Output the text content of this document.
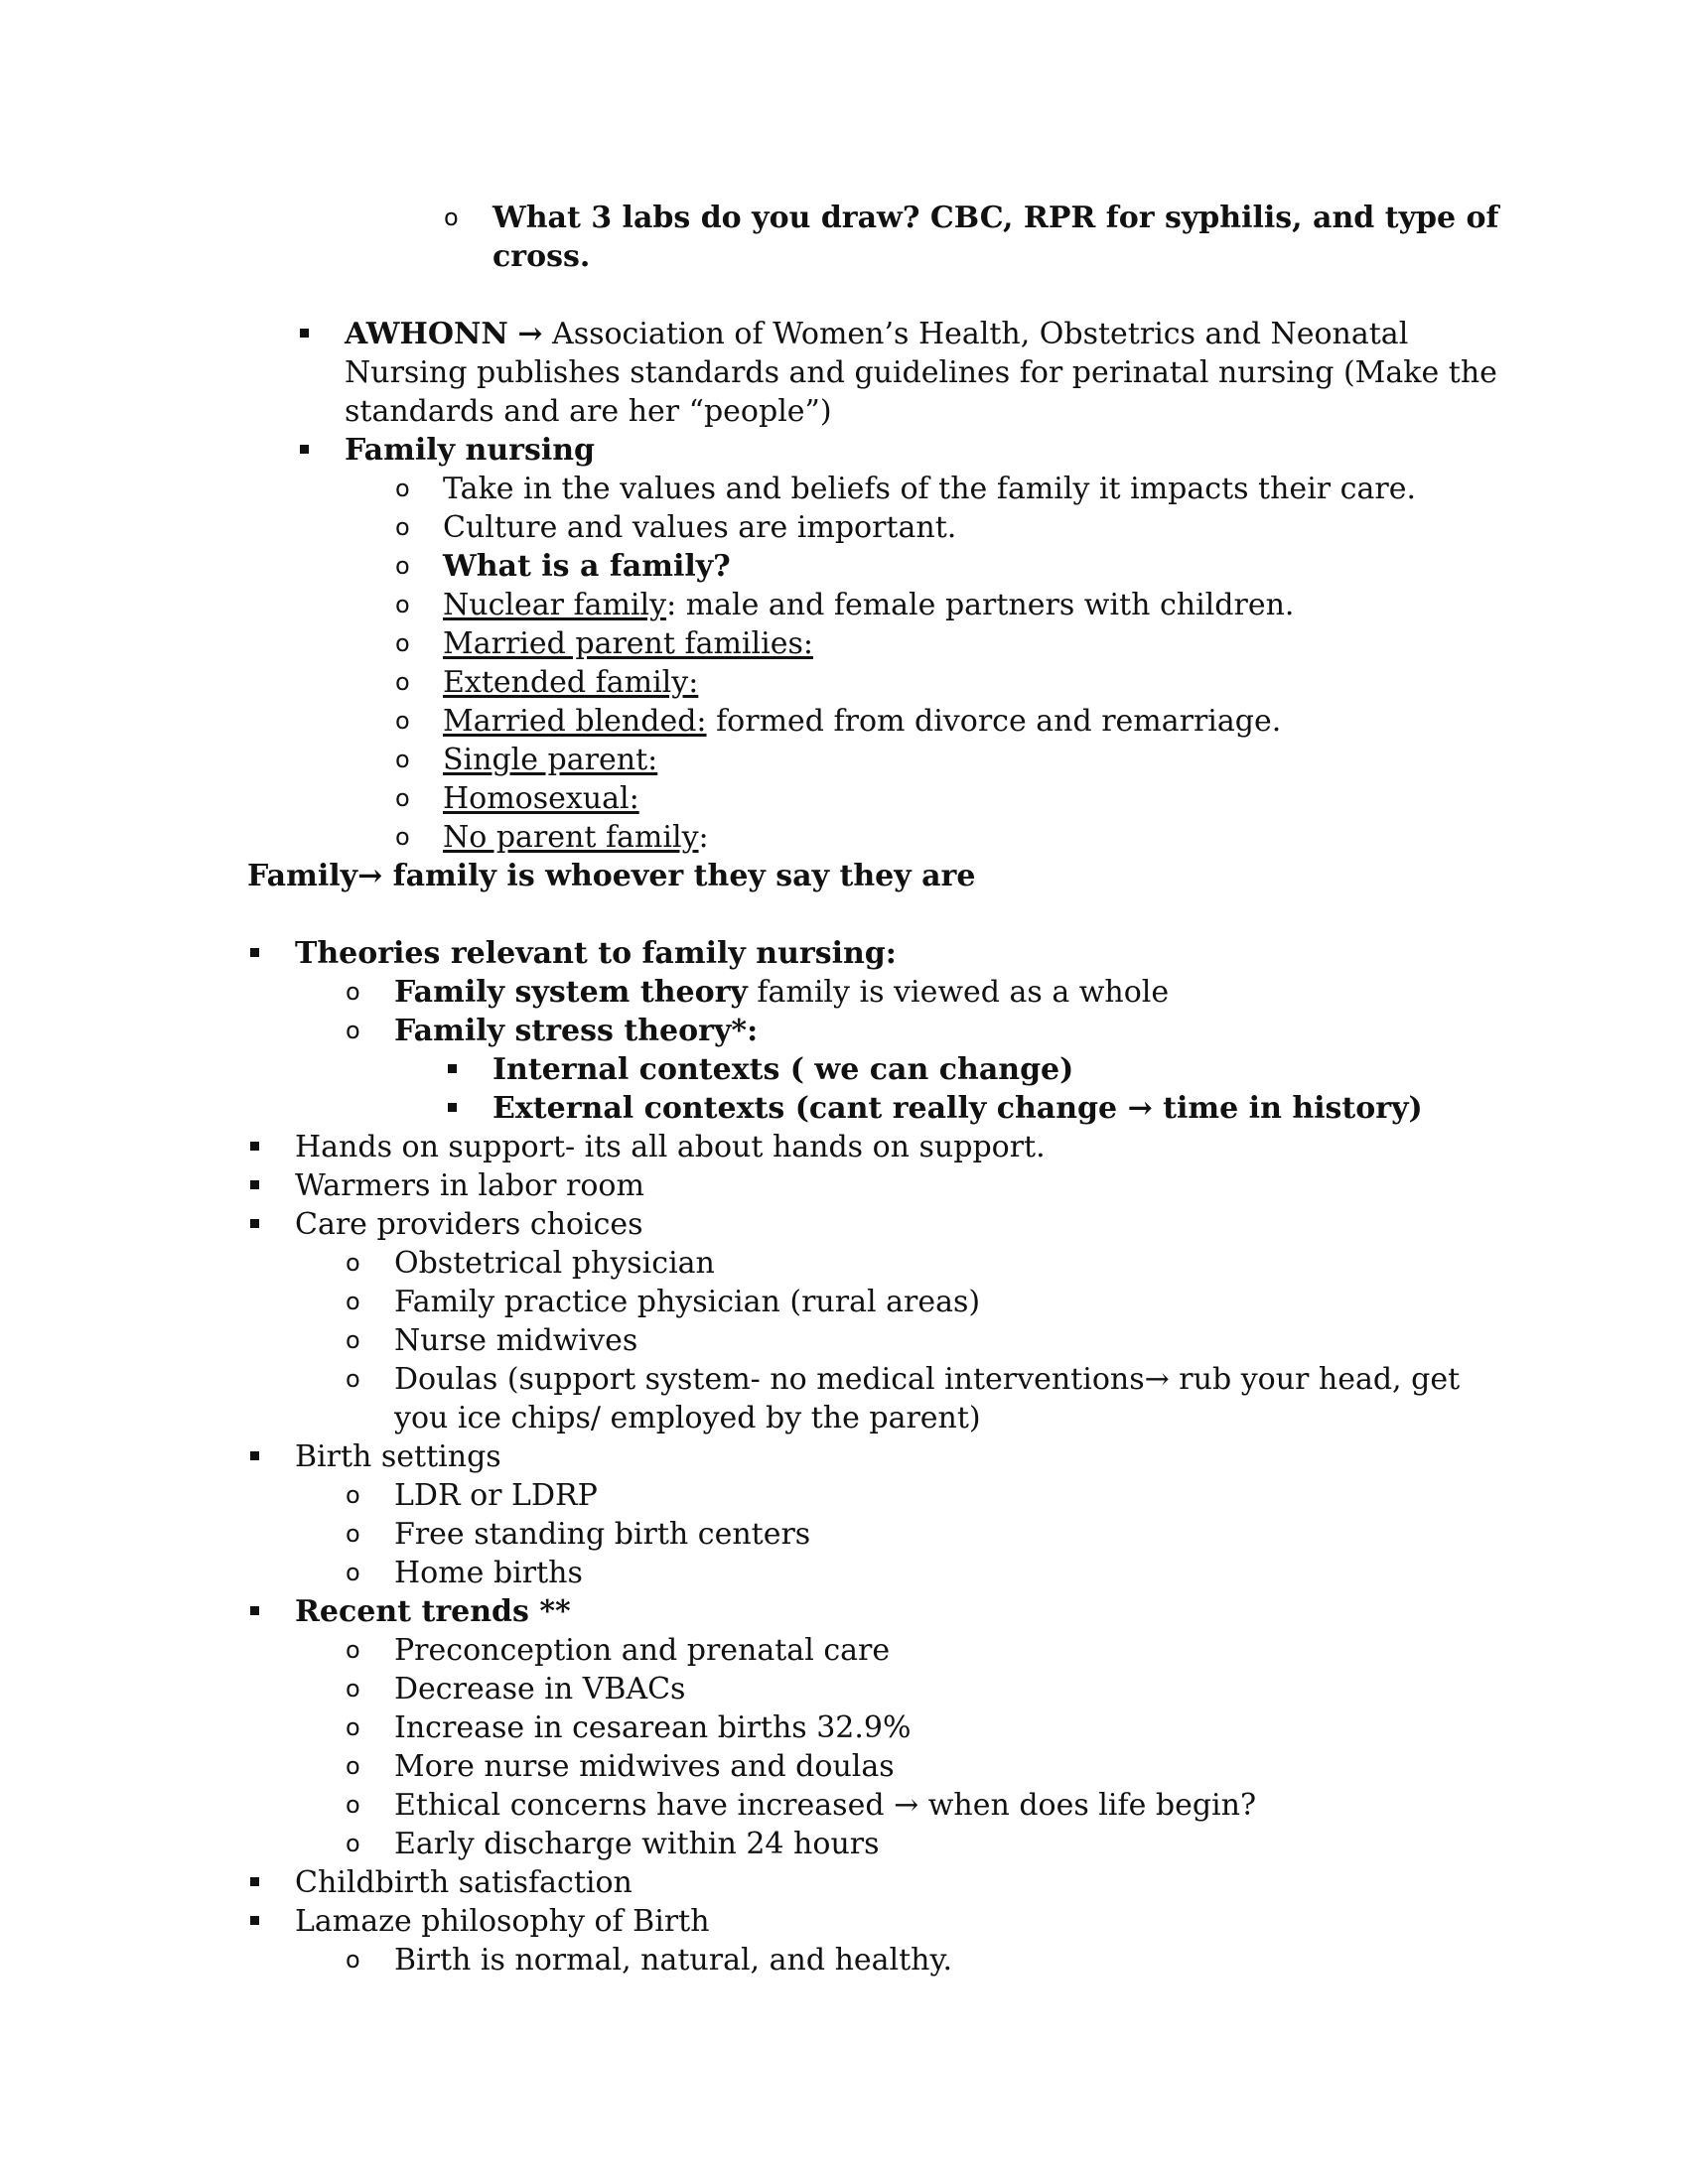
o What 3 labs do you draw? CBC, RPR for syphilis, and type of
cross.
AWHONN → Association of Women’s Health, Obstetrics and Neonatal
Nursing publishes standards and guidelines for perinatal nursing (Make the
standards and are her “people”)
Family nursing
o Take in the values and beliefs of the family it impacts their care.
o Culture and values are important.
o What is a family?
o Nuclear family: male and female partners with children.
o Married parent families:
o Extended family:
o Married blended: formed from divorce and remarriage.
o Single parent:
o Homosexual:
o No parent family:
Family→ family is whoever they say they are
Theories relevant to family nursing:
o Family system theory family is viewed as a whole
o Family stress theory*:
Internal contexts ( we can change)
External contexts (cant really change → time in history)
Hands on support- its all about hands on support.
Warmers in labor room
Care providers choices
o Obstetrical physician
o Family practice physician (rural areas)
o Nurse midwives
o Doulas (support system- no medical interventions→ rub your head, get
you ice chips/ employed by the parent)
Birth settings
o LDR or LDRP
o Free standing birth centers
o Home births
Recent trends **
o Preconception and prenatal care
o Decrease in VBACs
o Increase in cesarean births 32.9%
o More nurse midwives and doulas
o Ethical concerns have increased → when does life begin?
o Early discharge within 24 hours
Childbirth satisfaction
Lamaze philosophy of Birth
o Birth is normal, natural, and healthy.
